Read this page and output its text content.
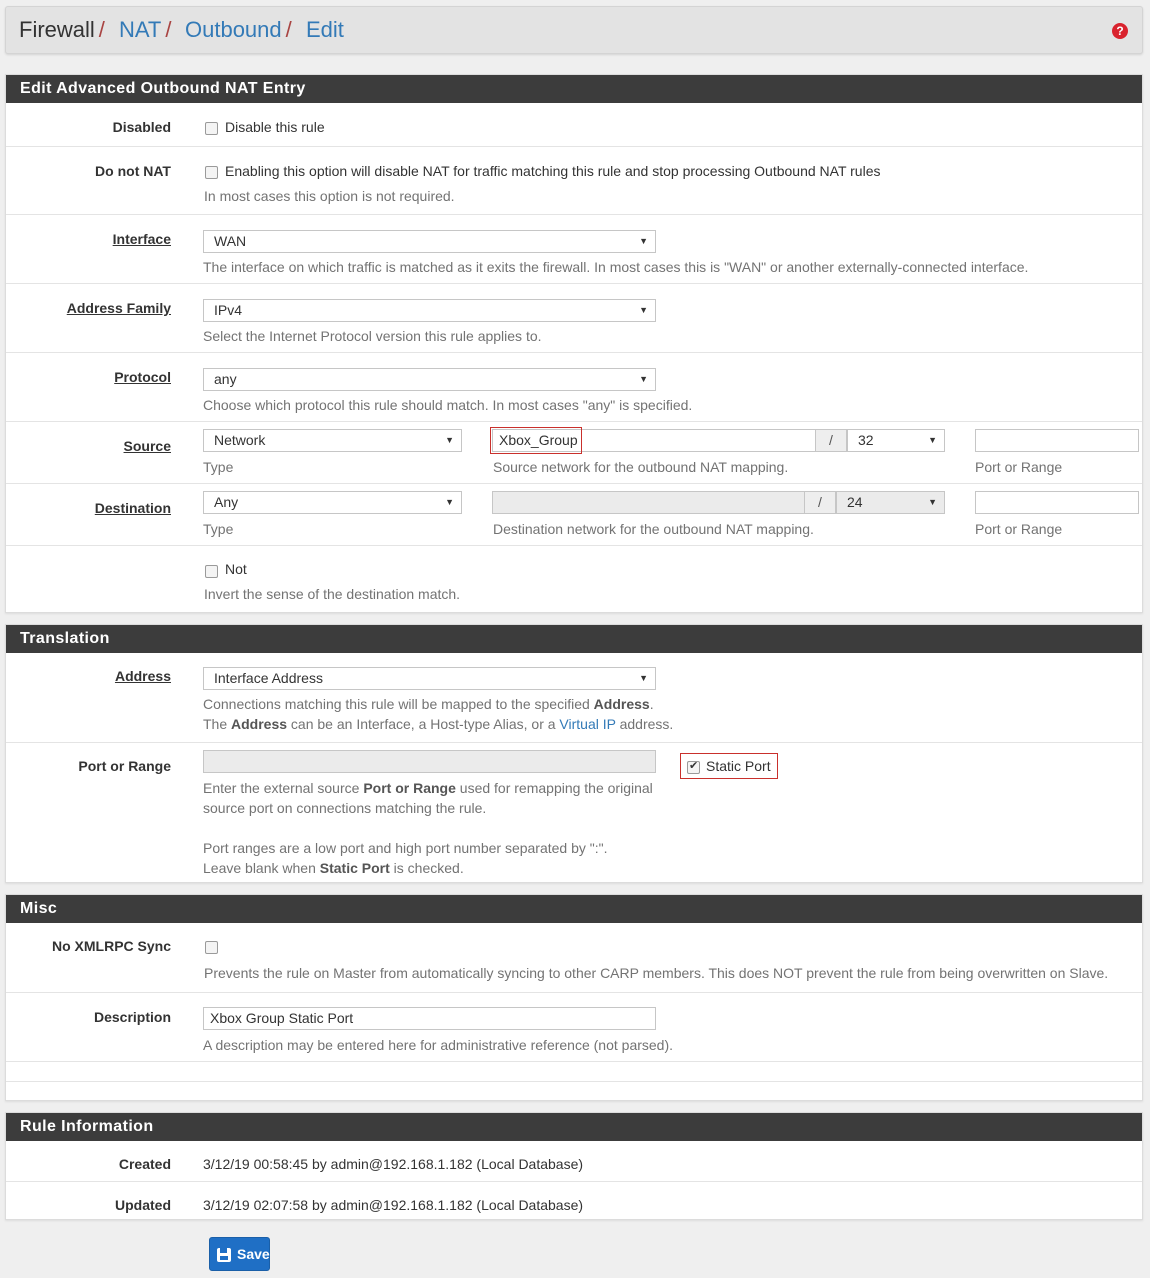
Firewall / NAT / Outbound / Edit	?
Edit Advanced Outbound NAT Entry
Disabled	Disable this rule
Do not NAT	Enabling this option will disable NAT for traffic matching this rule and stop processing Outbound NAT rules
In most cases this option is not required.
Interface	WAN	▼
The interface on which traffic is matched as it exits the firewall. In most cases this is "WAN" or another externally-connected interface.
Address Family	IPv4	▼
Select the Internet Protocol version this rule applies to.
Protocol	any	▼
Choose which protocol this rule should match. In most cases "any" is specified.
Source	Network	▼
Type
Xbox_Group	/	32	▼
Source network for the outbound NAT mapping.	Port or Range
Destination	Any	▼
Type
/	24	▼
Destination network for the outbound NAT mapping.	Port or Range
Not
Invert the sense of the destination match.
Translation
Address	Interface Address	▼
Connections matching this rule will be mapped to the specified Address.
The Address can be an Interface, a Host-type Alias, or a Virtual IP address.
Port or Range
✔	Static Port
Enter the external source Port or Range used for remapping the original
source port on connections matching the rule.
Port ranges are a low port and high port number separated by ":".
Leave blank when Static Port is checked.
Misc
No XMLRPC Sync
Prevents the rule on Master from automatically syncing to other CARP members. This does NOT prevent the rule from being overwritten on Slave.
Description	Xbox Group Static Port
A description may be entered here for administrative reference (not parsed).
Rule Information
Created 3/12/19 00:58:45 by admin@192.168.1.182 (Local Database)
Updated 3/12/19 02:07:58 by admin@192.168.1.182 (Local Database)
Save
